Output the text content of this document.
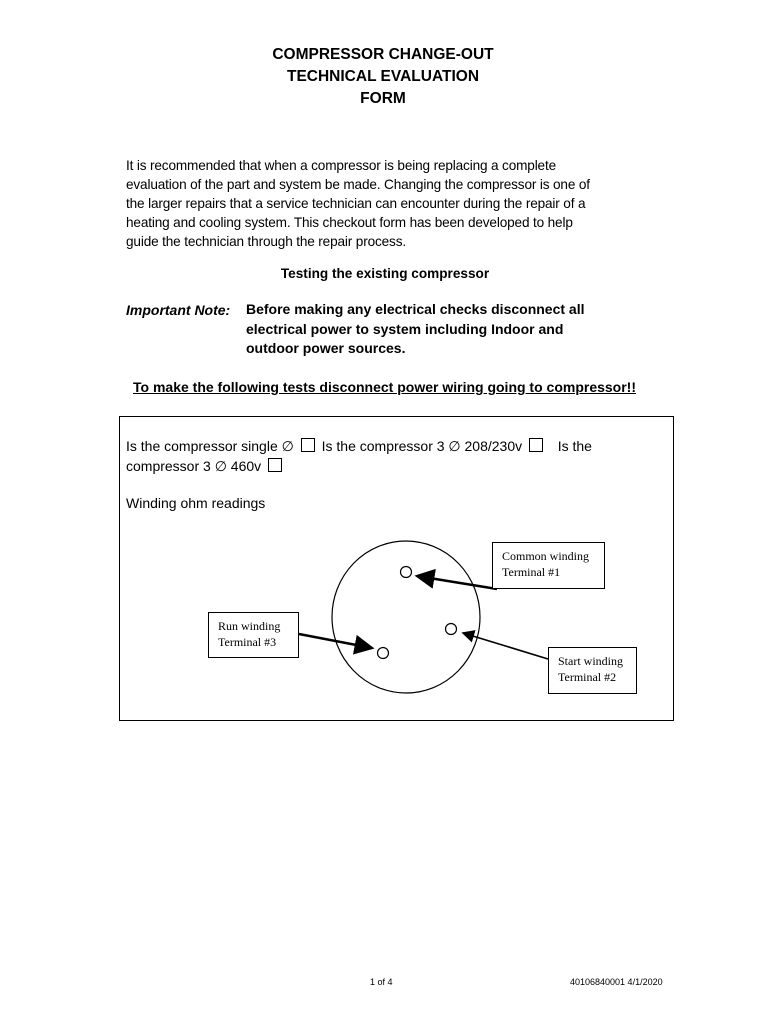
COMPRESSOR CHANGE-OUT
TECHNICAL EVALUATION
FORM
It is recommended that when a compressor is being replacing a complete
evaluation of the part and system be made. Changing the compressor is one of
the larger repairs that a service technician can encounter during the repair of a
heating and cooling system. This checkout form has been developed to help
guide the technician through the repair process.
Testing the existing compressor
Important Note: Before making any electrical checks disconnect all
electrical power to system including Indoor and
outdoor power sources.
To make the following tests disconnect power wiring going to compressor!!
Is the compressor single ∅ Is the compressor 3 ∅ 208/230v	Is the
compressor 3 ∅ 460v
Winding ohm readings
Common winding
Terminal #1
Run winding
Terminal #3
Start winding
Terminal #2
1 of 4	40106840001 4/1/2020
